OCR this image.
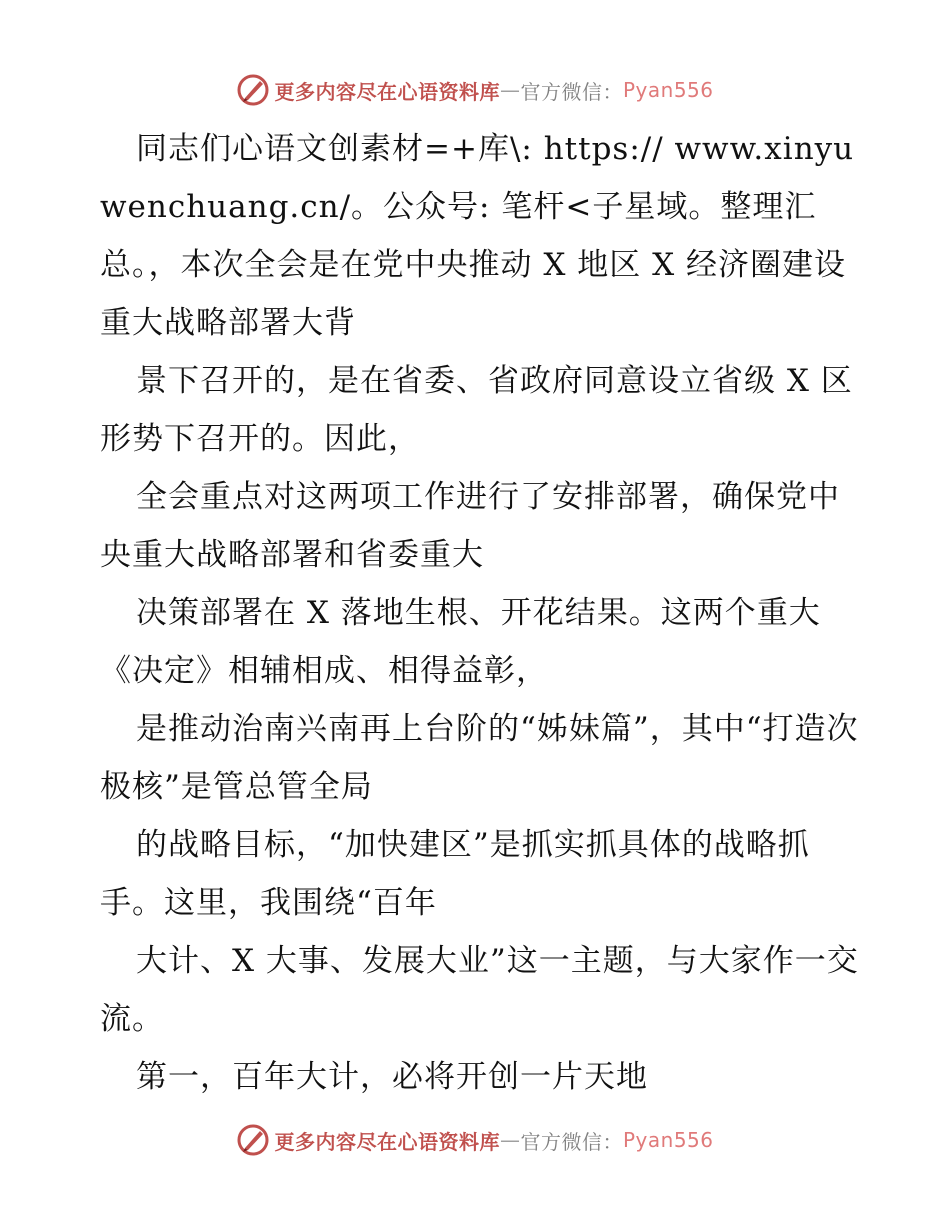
更多内容尽在心语资料库 — 官方微信： Pyan556

同志们心语文创素材=+库\: https:// www.xinyuwenchuang.cn/。公众号: 笔杆<子星域。整理汇总。，本次全会是在党中央推动 X 地区 X 经济圈建设重大战略部署大背

景下召开的，是在省委、省政府同意设立省级 X 区形势下召开的。因此，

全会重点对这两项工作进行了安排部署，确保党中央重大战略部署和省委重大

决策部署在 X 落地生根、开花结果。这两个重大《决定》相辅相成、相得益彰，

是推动治南兴南再上台阶的“姊妹篇”，其中“打造次极核”是管总管全局

的战略目标，“加快建区”是抓实抓具体的战略抓手。这里，我围绕“百年

大计、X 大事、发展大业”这一主题，与大家作一交流。

第一，百年大计，必将开创一片天地

更多内容尽在心语资料库 — 官方微信： Pyan556
